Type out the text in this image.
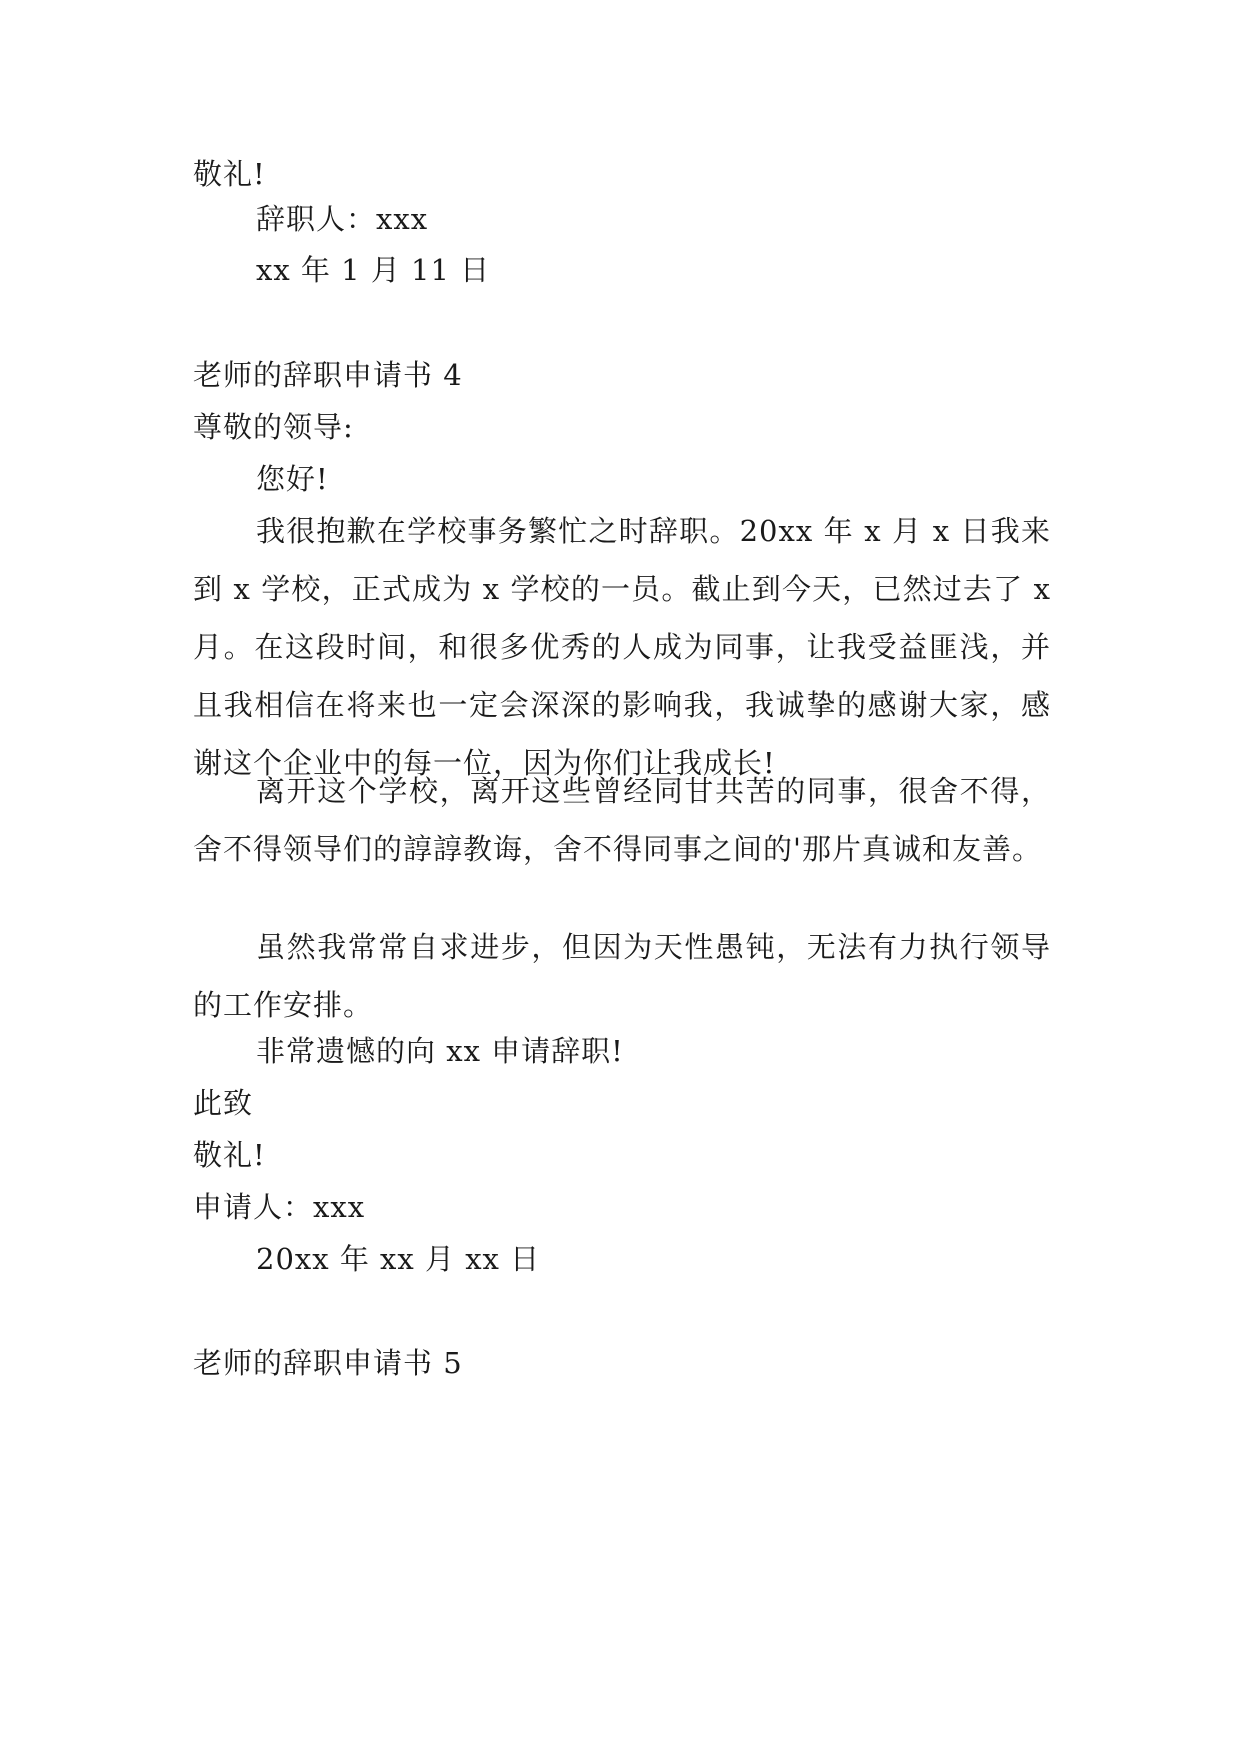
敬礼!
辞职人：xxx
xx 年 1 月 11 日
老师的辞职申请书 4
尊敬的领导:
您好!

我很抱歉在学校事务繁忙之时辞职。20xx 年 x 月 x 日我来到 x 学校，正式成为 x 学校的一员。截止到今天，已然过去了 x 月。在这段时间，和很多优秀的人成为同事，让我受益匪浅，并且我相信在将来也一定会深深的影响我，我诚挚的感谢大家，感谢这个企业中的每一位，因为你们让我成长!

离开这个学校，离开这些曾经同甘共苦的同事，很舍不得，舍不得领导们的諄諄教诲，舍不得同事之间的'那片真诚和友善。

虽然我常常自求进步，但因为天性愚钝，无法有力执行领导的工作安排。

非常遗憾的向 xx 申请辞职!
此致
敬礼!
申请人：xxx
20xx 年 xx 月 xx 日
老师的辞职申请书 5
